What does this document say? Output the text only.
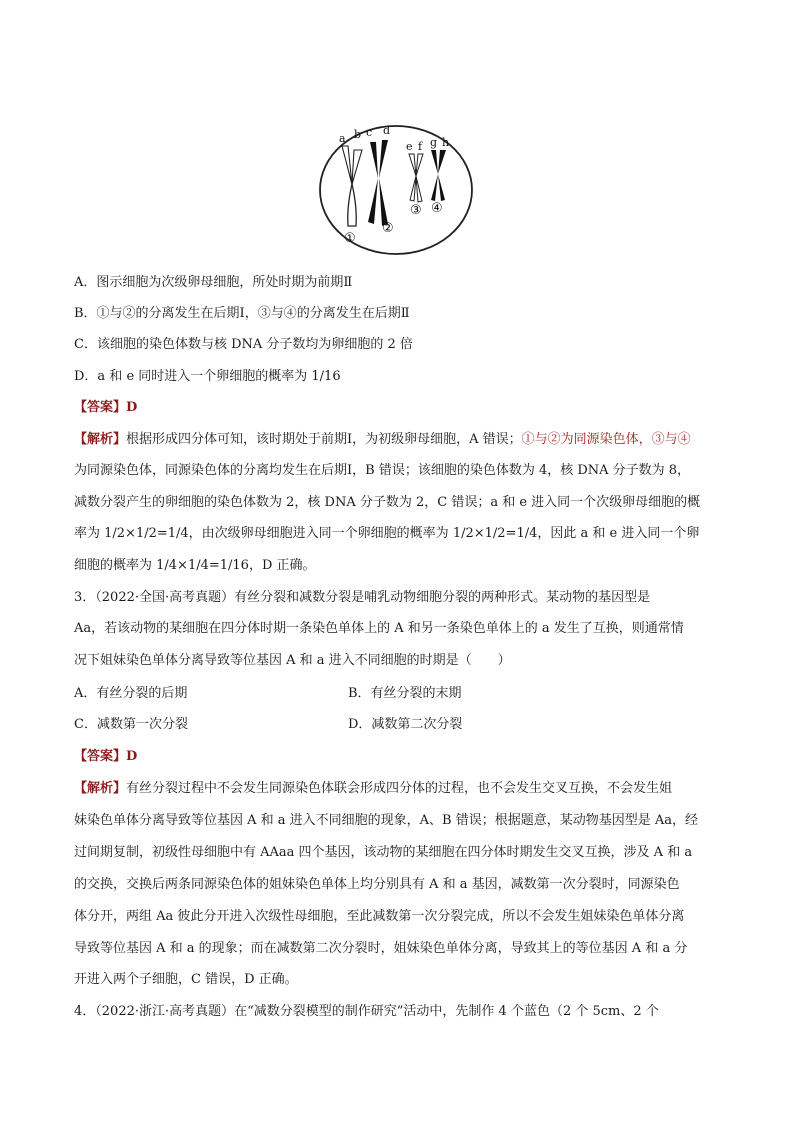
a b c d
e f g h
①
②
③ ④
A．图示细胞为次级卵母细胞，所处时期为前期Ⅱ
B．①与②的分离发生在后期Ⅰ，③与④的分离发生在后期Ⅱ
C．该细胞的染色体数与核 DNA 分子数均为卵细胞的 2 倍
D．a 和 e 同时进入一个卵细胞的概率为 1/16
【答案】D
【解析】根据形成四分体可知，该时期处于前期Ⅰ，为初级卵母细胞，A 错误；①与②为同源染色体，③与④
为同源染色体，同源染色体的分离均发生在后期Ⅰ，B 错误；该细胞的染色体数为 4，核 DNA 分子数为 8，
减数分裂产生的卵细胞的染色体数为 2，核 DNA 分子数为 2，C 错误；a 和 e 进入同一个次级卵母细胞的概
率为 1/2×1/2=1/4，由次级卵母细胞进入同一个卵细胞的概率为 1/2×1/2=1/4，因此 a 和 e 进入同一个卵
细胞的概率为 1/4×1/4=1/16，D 正确。
3．（2022·全国·高考真题）有丝分裂和减数分裂是哺乳动物细胞分裂的两种形式。某动物的基因型是
Aa，若该动物的某细胞在四分体时期一条染色单体上的 A 和另一条染色单体上的 a 发生了互换，则通常情
况下姐妹染色单体分离导致等位基因 A 和 a 进入不同细胞的时期是（　　）
A．有丝分裂的后期	B．有丝分裂的末期
C．减数第一次分裂	D．减数第二次分裂
【答案】D
【解析】有丝分裂过程中不会发生同源染色体联会形成四分体的过程，也不会发生交叉互换，不会发生姐
妹染色单体分离导致等位基因 A 和 a 进入不同细胞的现象，A、B 错误；根据题意，某动物基因型是 Aa，经
过间期复制，初级性母细胞中有 AAaa 四个基因，该动物的某细胞在四分体时期发生交叉互换，涉及 A 和 a
的交换，交换后两条同源染色体的姐妹染色单体上均分别具有 A 和 a 基因，减数第一次分裂时，同源染色
体分开，两组 Aa 彼此分开进入次级性母细胞，至此减数第一次分裂完成，所以不会发生姐妹染色单体分离
导致等位基因 A 和 a 的现象；而在减数第二次分裂时，姐妹染色单体分离，导致其上的等位基因 A 和 a 分
开进入两个子细胞，C 错误，D 正确。
4．（2022·浙江·高考真题）在“减数分裂模型的制作研究”活动中，先制作 4 个蓝色（2 个 5cm、2 个
